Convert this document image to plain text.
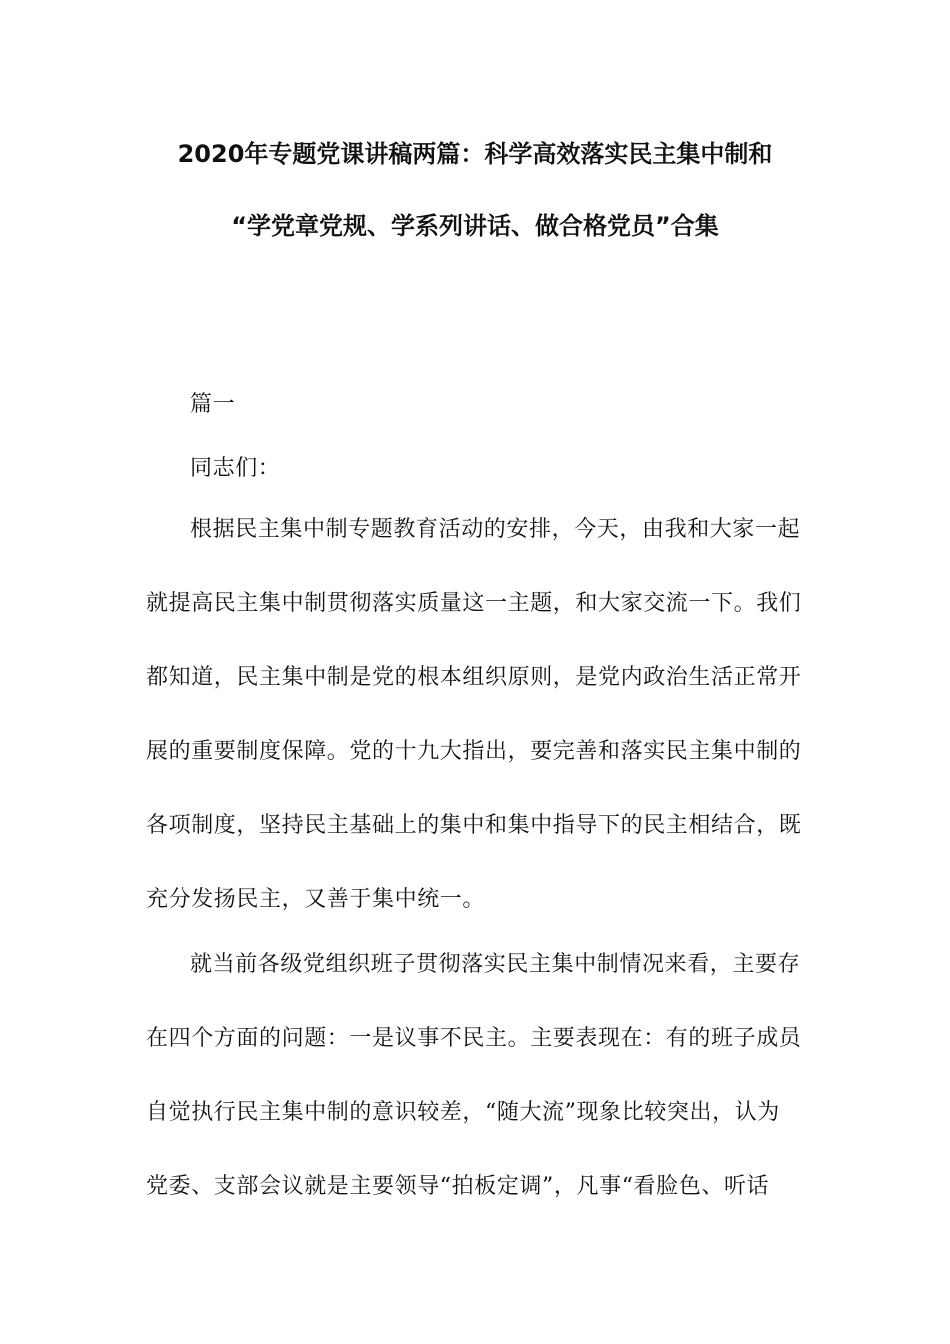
2020年专题党课讲稿两篇：科学高效落实民主集中制和
“学党章党规、学系列讲话、做合格党员”合集
篇一
同志们：
根据民主集中制专题教育活动的安排，今天，由我和大家一起
就提高民主集中制贯彻落实质量这一主题，和大家交流一下。我们
都知道，民主集中制是党的根本组织原则，是党内政治生活正常开
展的重要制度保障。党的十九大指出，要完善和落实民主集中制的
各项制度，坚持民主基础上的集中和集中指导下的民主相结合，既
充分发扬民主，又善于集中统一。
就当前各级党组织班子贯彻落实民主集中制情况来看，主要存
在四个方面的问题：一是议事不民主。主要表现在：有的班子成员
自觉执行民主集中制的意识较差，“随大流”现象比较突出，认为
党委、支部会议就是主要领导“拍板定调”，凡事“看脸色、听话
